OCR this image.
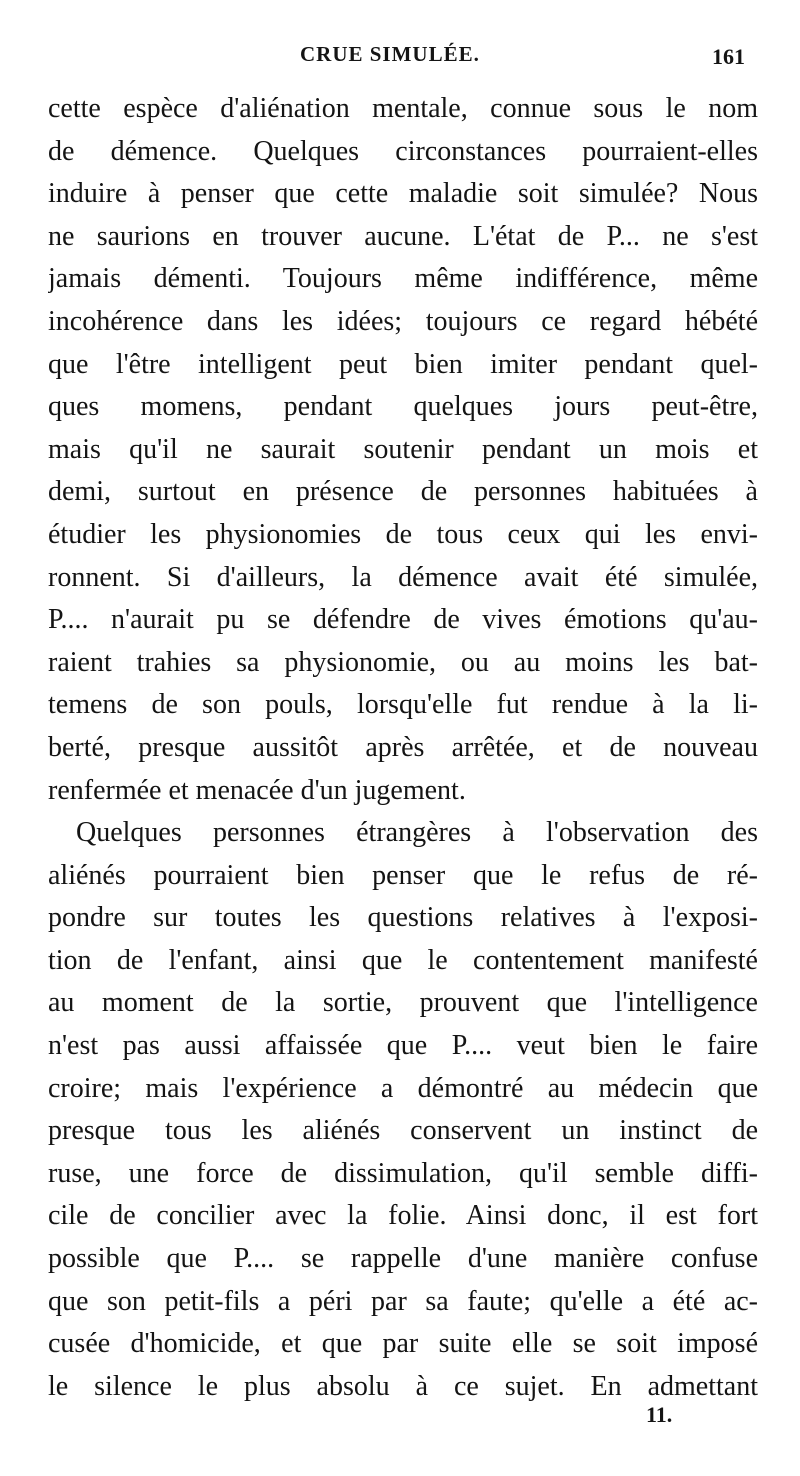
CRUE SIMULÉE.	161
cette espèce d'aliénation mentale, connue sous le nom
de démence. Quelques circonstances pourraient-elles
induire à penser que cette maladie soit simulée? Nous
ne saurions en trouver aucune. L'état de P... ne s'est
jamais démenti. Toujours même indifférence, même
incohérence dans les idées; toujours ce regard hébété
que l'être intelligent peut bien imiter pendant quel-
ques momens, pendant quelques jours peut-être,
mais qu'il ne saurait soutenir pendant un mois et
demi, surtout en présence de personnes habituées à
étudier les physionomies de tous ceux qui les envi-
ronnent. Si d'ailleurs, la démence avait été simulée,
P.... n'aurait pu se défendre de vives émotions qu'au-
raient trahies sa physionomie, ou au moins les bat-
temens de son pouls, lorsqu'elle fut rendue à la li-
berté, presque aussitôt après arrêtée, et de nouveau
renfermée et menacée d'un jugement.
Quelques personnes étrangères à l'observation des
aliénés pourraient bien penser que le refus de ré-
pondre sur toutes les questions relatives à l'exposi-
tion de l'enfant, ainsi que le contentement manifesté
au moment de la sortie, prouvent que l'intelligence
n'est pas aussi affaissée que P.... veut bien le faire
croire; mais l'expérience a démontré au médecin que
presque tous les aliénés conservent un instinct de
ruse, une force de dissimulation, qu'il semble diffi-
cile de concilier avec la folie. Ainsi donc, il est fort
possible que P.... se rappelle d'une manière confuse
que son petit-fils a péri par sa faute; qu'elle a été ac-
cusée d'homicide, et que par suite elle se soit imposé
le silence le plus absolu à ce sujet. En admettant
11.
